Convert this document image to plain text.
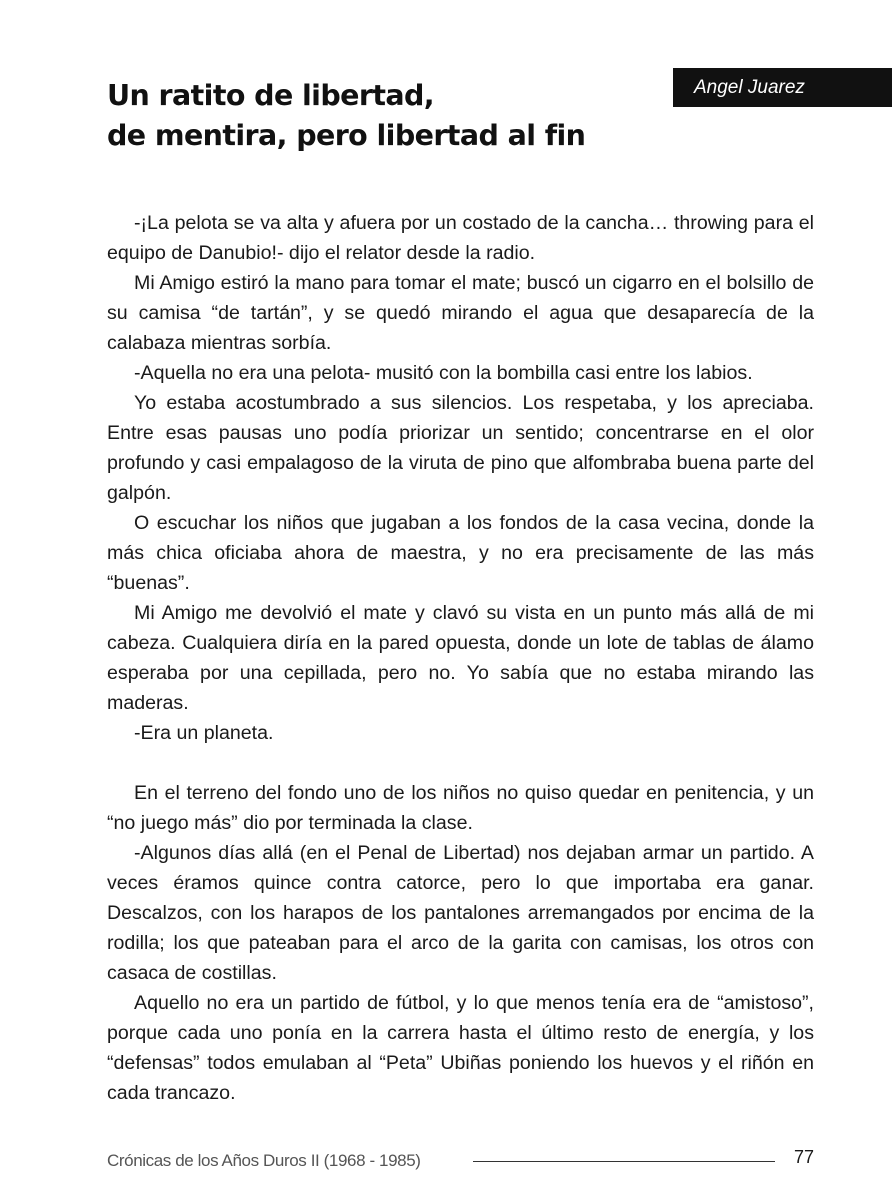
Un ratito de libertad,
de mentira, pero libertad al fin
Angel Juarez

-¡La pelota se va alta y afuera por un costado de la cancha… throwing para el equipo de Danubio!- dijo el relator desde la radio.

Mi Amigo estiró la mano para tomar el mate; buscó un cigarro en el bolsillo de su camisa “de tartán”, y se quedó mirando el agua que desaparecía de la calabaza mientras sorbía.

-Aquella no era una pelota- musitó con la bombilla casi entre los labios.

Yo estaba acostumbrado a sus silencios. Los respetaba, y los apreciaba. Entre esas pausas uno podía priorizar un sentido; concentrarse en el olor profundo y casi empalagoso de la viruta de pino que alfombraba buena parte del galpón.

O escuchar los niños que jugaban a los fondos de la casa vecina, donde la más chica oficiaba ahora de maestra, y no era precisamente de las más “buenas”.

Mi Amigo me devolvió el mate y clavó su vista en un punto más allá de mi cabeza. Cualquiera diría en la pared opuesta, donde un lote de tablas de álamo esperaba por una cepillada, pero no. Yo sabía que no estaba mirando las maderas.

-Era un planeta.

En el terreno del fondo uno de los niños no quiso quedar en penitencia, y un “no juego más” dio por terminada la clase.

-Algunos días allá (en el Penal de Libertad) nos dejaban armar un partido. A veces éramos quince contra catorce, pero lo que importaba era ganar. Descalzos, con los harapos de los pantalones arremangados por encima de la rodilla; los que pateaban para el arco de la garita con camisas, los otros con casaca de costillas.

Aquello no era un partido de fútbol, y lo que menos tenía era de “amistoso”, porque cada uno ponía en la carrera hasta el último resto de energía, y los “defensas” todos emulaban al “Peta” Ubiñas poniendo los huevos y el riñón en cada trancazo.

Crónicas de los Años Duros II (1968 - 1985)	77
